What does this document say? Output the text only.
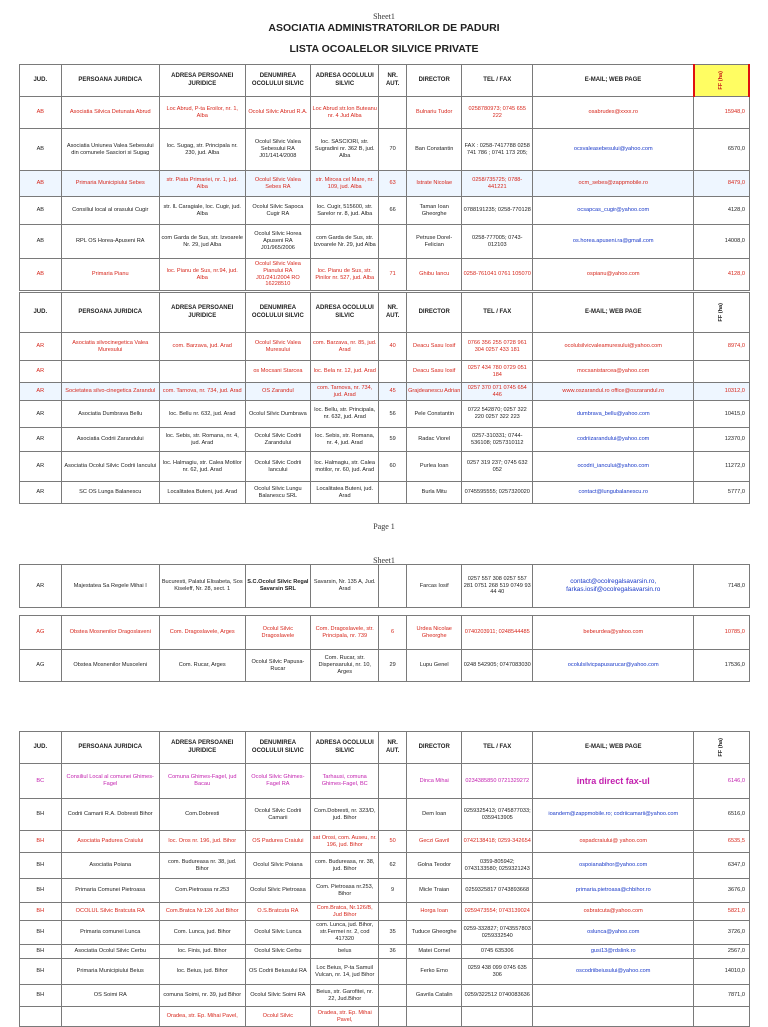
Sheet1
ASOCIATIA ADMINISTRATORILOR DE PADURI
LISTA OCOALELOR SILVICE PRIVATE
JUD.	PERSOANA JURIDICA	ADRESA PERSOANEI JURIDICE	DENUMIREA OCOLULUI SILVIC	ADRESA OCOLULUI SILVIC	NR. AUT.	DIRECTOR	TEL / FAX	E-MAIL; WEB PAGE	FF (ha)
AB	Asociatia Silvica Detunata Abrud	Loc Abrud, P-ta Eroilor, nr. 1, Alba	Ocolul Silvic Abrud R.A.	Loc Abrud str.Ion Buteanu nr. 4 Jud Alba		Bulnariu Tudor	0258780973; 0745 655 222	osabrudes@xxxx.ro	15948,0
AB	Asociatia Uniunea Valea Sebesului din comunele Sasciori si Sugag	loc. Sugag, str. Principala nr. 230, jud. Alba	Ocolul Silvic Valea Sebesului RA J01/1414/2008	loc. SASCIORI, str. Sugradini nr. 362 B, jud. Alba	70	Ban Constantin	FAX : 0258-7417788 0258 741 786 ; 0741 173 205;	ocsvaleasebesului@yahoo.com	6570,0
AB	Primaria Municipiului Sebes	str. Piata Primariei, nr. 1, jud. Alba	Ocolul Silvic Valea Sebes RA	str. Mircea cel Mare, nr. 109, jud. Alba	63	Istrate Nicolae	0258/735725; 0788-441221	ocm_sebes@zappmobile.ro	8479,0
AB	Consiliul local al orasului Cugir	str. IL Caragiale, loc. Cugir, jud. Alba	Ocolul Silvic Sapoca Cugir RA	loc. Cugir, 515600, str. Sarelor nr. 8, jud. Alba	66	Taman Ioan Gheorghe	0788191235; 0258-770128	ocsapcas_cugir@yahoo.com	4128,0
AB	RPL OS Horea-Apuseni RA	com Garda de Sus, str. Izvoarele Nr. 29, jud Alba	Ocolul Silvic Horea Apuseni RA J01/965/2006	com Garda de Sus, str. Izvoarele Nr. 29, jud Alba		Petruse Dorel-Felician	0258-777005; 0743-012103	os.horea.apuseni.ra@gmail.com	14008,0
AB	Primaria Pianu	loc. Pianu de Sus, nr.94, jud. Alba	Ocolul Silvic Valea Pianului RA J01/241/2004 RO 16228510	loc. Pianu de Sus, str. Pinilor nr. 527, jud. Alba	71	Ghibu Iancu	0258-761041 0761 105070	ospianu@yahoo.com	4128,0
JUD.	PERSOANA JURIDICA	ADRESA PERSOANEI JURIDICE	DENUMIREA OCOLULUI SILVIC	ADRESA OCOLULUI SILVIC	NR. AUT.	DIRECTOR	TEL / FAX	E-MAIL; WEB PAGE	FF (ha)
AR	Asociatia silvocinegetica Valea Muresului	com. Barzava, jud. Arad	Ocolul Silvic Valea Muresului	com. Barzava, nr. 85, jud. Arad	40	Deacu Sasu Iosif	0766 356 255 0728 961 304 0257 433 181	ocolulsilvicvaleamuresului@yahoo.com	8974,0
AR			os Mocsani Starcea	loc. Bela nr. 12, jud. Arad		Deacu Sasu Iosif	0257 434 780 0729 051 184	mocsanistarcea@yahoo.com	
AR	Societatea silvo-cinegetica Zarandul	com. Tarnova, nr. 734, jud. Arad	OS Zarandul	com. Tarnova, nr. 734, jud. Arad	45	Grajdeanescu Adrian	0257 370 071 0745 654 446	www.oszarandul.ro office@oszarandul.ro	10312,0
AR	Asociatia Dumbrava Bellu	loc. Bellu nr. 632, jud. Arad	Ocolul Silvic Dumbrava	loc. Bellu, str. Principala, nr. 632, jud. Arad	56	Pele Constantin	0722 542870; 0257 322 220 0257 322 223	dumbrava_bellu@yahoo.com	10415,0
AR	Asociatia Codrii Zarandului	loc. Sebis, str. Romana, nr. 4, jud. Arad	Ocolul Silvic Codrii Zarandului	loc. Sebis, str. Romana, nr. 4, jud. Arad	59	Radac Viorel	0257-310331; 0744-536108; 0257310112	codriizarandului@yahoo.com	12370,0
AR	Asociatia Ocolul Silvic Codrii Iancului	loc. Halmagiu, str. Calea Motilor nr. 62, jud. Arad	Ocolul Silvic Codrii Iancului	loc. Halmagiu, str. Calea motilor, nr. 60, jud. Arad	60	Purlea Ioan	0257 319 237; 0745 632 052	ocodrii_iancului@yahoo.com	11272,0
AR	SC OS Lunga Balanescu	Localitatea Buteni, jud. Arad	Ocolul Silvic Lungu Balanescu SRL	Localitatea Buteni, jud. Arad		Burla Mitu	0745595555; 0257320020	contact@lungubalanescu.ro	5777,0
Page 1
Sheet1
AR	Majestatea Sa Regele Mihai I	Bucuresti, Palatul Elisabeta, Sos Kiseleff, Nr. 28, sect. 1	S.C.Ocolul Silvic Regal Savarsin SRL	Savarsin, Nr. 135 A, Jud. Arad		Farcas Iosif	0257 557 308 0257 557 281 0751 268 519 0749 93 44 40	contact@ocolregalsavarsin.ro, farkas.iosif@ocolregalsavarsin.ro	7148,0
AG	Obstea Mosnenilor Dragoslaveni	Com. Dragoslavele, Arges	Ocolul Silvic Dragoslavele	Com. Dragoslavele, str. Principala, nr. 739	6	Urdea Nicolae Gheorghe	0740203911; 0248544485	bebeurdea@yahoo.com	10785,0
AG	Obstea Mosnenilor Musceleni	Com. Rucar, Arges	Ocolul Silvic Papusa-Rucar	Com. Rucar, str. Dispensarului, nr. 10, Arges	29	Lupu Genel	0248 542905; 0747083030	ocolulsilvicpapusarucar@yahoo.com	17536,0
JUD.	PERSOANA JURIDICA	ADRESA PERSOANEI JURIDICE	DENUMIREA OCOLULUI SILVIC	ADRESA OCOLULUI SILVIC	NR. AUT.	DIRECTOR	TEL / FAX	E-MAIL; WEB PAGE	FF (ha)
BC	Consiliul Local al comunei Ghimes-Fagel	Comuna Ghimes-Fagel, jud Bacau	Ocolul Silvic Ghimes-Fagel RA	Tarhausi, comuna Ghimes-Fagel, BC		Dinca Mihai	0234385850 0721329272	intra direct fax-ul	6146,0
BH	Codrii Camarii R.A. Dobresti Bihor	Com.Dobresti	Ocolul Silvic Codrii Camarii	Com.Dobresti, nr. 323/D, jud. Bihor		Dem Ioan	0259325413; 0745877033; 0359413905	ioandem@zappmobile.ro; codriicamarii@yahoo.com	6516,0
BH	Asociatia Padurea Craiului	loc. Oros nr. 196, jud. Bihor	OS Padurea Craiului	sat Orosi, com. Auseu, nr. 196, jud. Bihor	50	Geczi Gavril	0742138418; 0259-342654	ospadcraiului@ yahoo.com	6535,5
BH	Asociatia Poiana	com. Budureasa nr. 38, jud. Bihor	Ocolul Silvic Poiana	com. Budureasa, nr. 38, jud. Bihor	62	Golna Teodor	0359-805942; 0743133580; 0259321243	ospoianabihor@yahoo.com	6347,0
BH	Primaria Comunei Pietroasa	Com.Pietroasa nr.253	Ocolul Silvic Pietroasa	Com. Pietroasa nr.253, Bihor	9	Micle Traian	0259325817 0743893668	primaria.pietroasa@chbihor.ro	3676,0
BH	OCOLUL Silvic Bratcuta RA	Com.Bratca Nr.126 Jud Bihor	O.S.Bratcuta RA	Com.Bratca, Nr.126/B, Jud Bihor		Horga Ioan	0259473554; 0743139024	osbratcuta@yahoo.com	5821,0
BH	Primaria comunei Lunca	Com. Lunca, jud. Bihor	Ocolul Silvic Lunca	com. Lunca, jud. Bihor, str.Fermei nr. 2, cod 417320	35	Tuduce Gheorghe	0259-332827; 0743557803 0259332540	oslunca@yahoo.com	3726,0
BH	Asociatia Ocolul Silvic Cerbu	loc. Finis, jud. Bihor	Ocolul Silvic Cerbu	belus	36	Matei Cornel	0745 635306	gusi13@rdslink.ro	2567,0
BH	Primaria Municipiului Beius	loc. Beius, jud. Bihor	OS Codrii Beiusului RA	Loc Beius, P-ta Samuil Vulcan, nr. 14, jud Bihor		Ferko Erno	0259 438 099 0745 635 306	oscodriibeiusului@yahoo.com	14010,0
BH	OS Soimi RA	comuna Soimi, nr. 39, jud Bihor	Ocolul Silvic Soimi RA	Beius, str. Garofitei, nr. 22, Jud.Bihor		Gavrila Catalin	0259/322512 0740083636		7871,0
		Oradea, str. Ep. Mihai Pavel,	Ocolul Silvic	Oradea, str. Ep. Mihai Pavel,					
